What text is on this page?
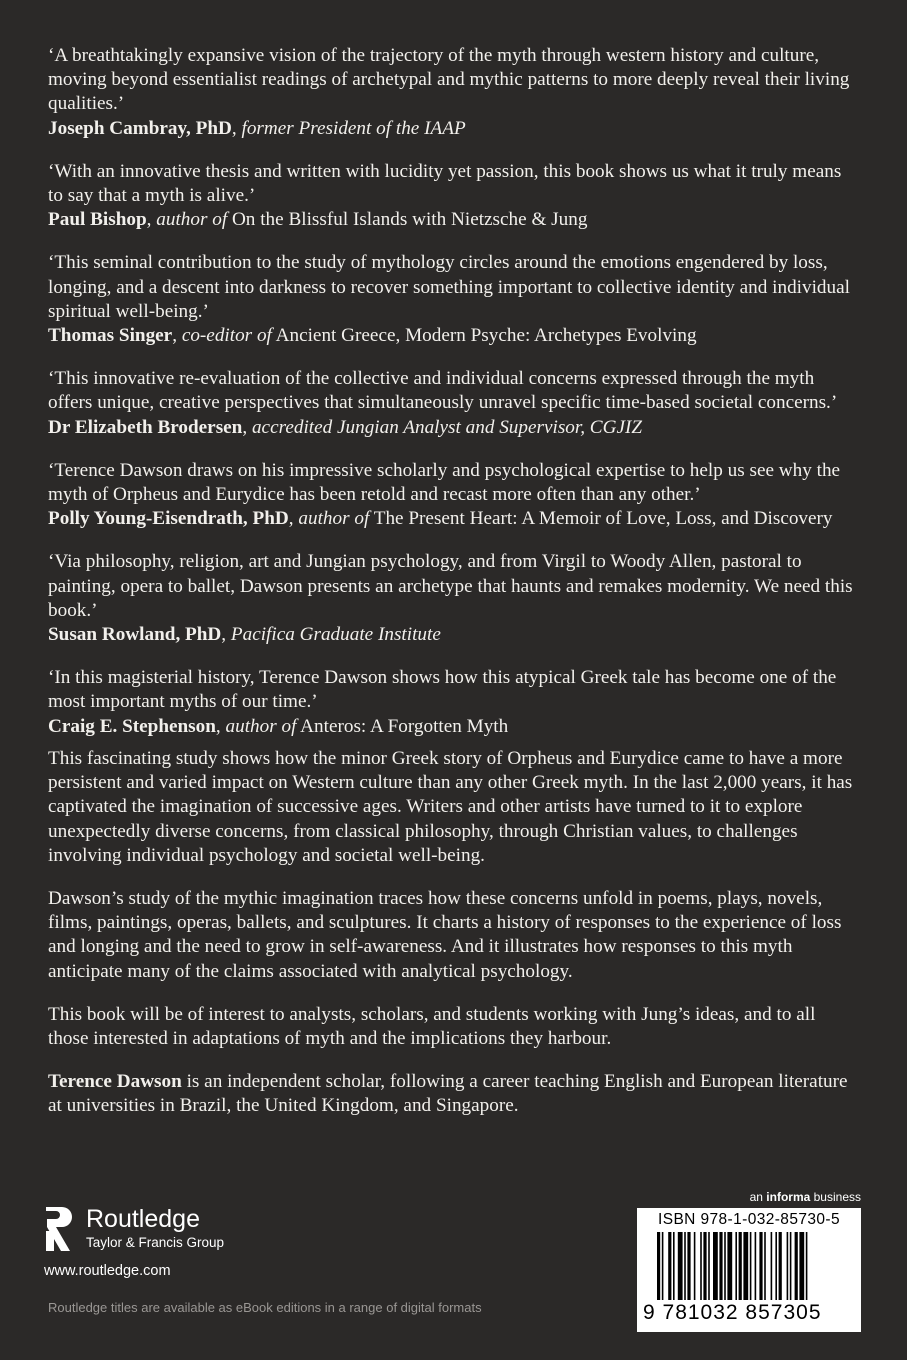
‘A breathtakingly expansive vision of the trajectory of the myth through western history and culture, moving beyond essentialist readings of archetypal and mythic patterns to more deeply reveal their living qualities.’

Joseph Cambray, PhD, former President of the IAAP

‘With an innovative thesis and written with lucidity yet passion, this book shows us what it truly means to say that a myth is alive.’

Paul Bishop, author of On the Blissful Islands with Nietzsche & Jung

‘This seminal contribution to the study of mythology circles around the emotions engendered by loss, longing, and a descent into darkness to recover something important to collective identity and individual spiritual well-being.’

Thomas Singer, co-editor of Ancient Greece, Modern Psyche: Archetypes Evolving

‘This innovative re-evaluation of the collective and individual concerns expressed through the myth offers unique, creative perspectives that simultaneously unravel specific time-based societal concerns.’

Dr Elizabeth Brodersen, accredited Jungian Analyst and Supervisor, CGJIZ

‘Terence Dawson draws on his impressive scholarly and psychological expertise to help us see why the myth of Orpheus and Eurydice has been retold and recast more often than any other.’

Polly Young-Eisendrath, PhD, author of The Present Heart: A Memoir of Love, Loss, and Discovery

‘Via philosophy, religion, art and Jungian psychology, and from Virgil to Woody Allen, pastoral to painting, opera to ballet, Dawson presents an archetype that haunts and remakes modernity. We need this book.’

Susan Rowland, PhD, Pacifica Graduate Institute

‘In this magisterial history, Terence Dawson shows how this atypical Greek tale has become one of the most important myths of our time.’

Craig E. Stephenson, author of Anteros: A Forgotten Myth

This fascinating study shows how the minor Greek story of Orpheus and Eurydice came to have a more persistent and varied impact on Western culture than any other Greek myth. In the last 2,000 years, it has captivated the imagination of successive ages. Writers and other artists have turned to it to explore unexpectedly diverse concerns, from classical philosophy, through Christian values, to challenges involving individual psychology and societal well-being.

Dawson’s study of the mythic imagination traces how these concerns unfold in poems, plays, novels, films, paintings, operas, ballets, and sculptures. It charts a history of responses to the experience of loss and longing and the need to grow in self-awareness. And it illustrates how responses to this myth anticipate many of the claims associated with analytical psychology.

This book will be of interest to analysts, scholars, and students working with Jung’s ideas, and to all those interested in adaptations of myth and the implications they harbour.

Terence Dawson is an independent scholar, following a career teaching English and European literature at universities in Brazil, the United Kingdom, and Singapore.

Routledge
Taylor & Francis Group
www.routledge.com
Routledge titles are available as eBook editions in a range of digital formats
an informa business
ISBN 978-1-032-85730-5
9 781032 857305
